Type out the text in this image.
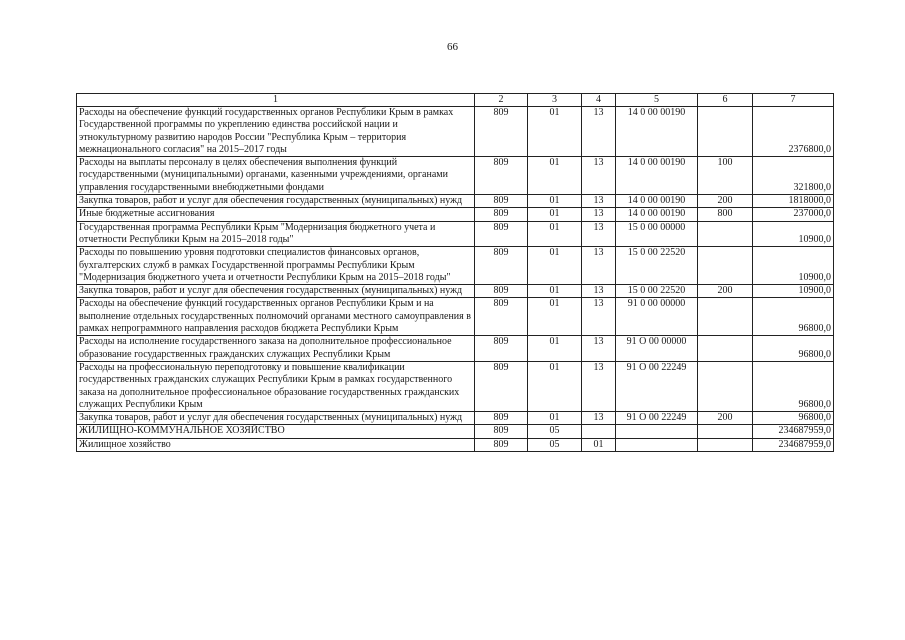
66
1	2	3	4	5	6	7
Расходы на обеспечение функций государственных органов Республики Крым в рамках Государственной программы по укреплению единства российской нации и этнокультурному развитию народов России "Республика Крым – территория межнационального согласия" на 2015–2017 годы	809	01	13	14 0 00 00190		2376800,0
Расходы на выплаты персоналу в целях обеспечения выполнения функций государственными (муниципальными) органами, казенными учреждениями, органами управления государственными внебюджетными фондами	809	01	13	14 0 00 00190	100	321800,0
Закупка товаров, работ и услуг для обеспечения государственных (муниципальных) нужд	809	01	13	14 0 00 00190	200	1818000,0
Иные бюджетные ассигнования	809	01	13	14 0 00 00190	800	237000,0
Государственная программа Республики Крым "Модернизация бюджетного учета и отчетности Республики Крым на 2015–2018 годы"	809	01	13	15 0 00 00000		10900,0
Расходы по повышению уровня подготовки специалистов финансовых органов, бухгалтерских служб в рамках Государственной программы Республики Крым "Модернизация бюджетного учета и отчетности Республики Крым на 2015–2018 годы"	809	01	13	15 0 00 22520		10900,0
Закупка товаров, работ и услуг для обеспечения государственных (муниципальных) нужд	809	01	13	15 0 00 22520	200	10900,0
Расходы на обеспечение функций государственных органов Республики Крым и на выполнение отдельных государственных полномочий органами местного самоуправления в рамках непрограммного направления расходов бюджета Республики Крым	809	01	13	91 0 00 00000		96800,0
Расходы на исполнение государственного заказа на дополнительное профессиональное образование государственных гражданских служащих Республики Крым	809	01	13	91 О 00 00000		96800,0
Расходы на профессиональную переподготовку и повышение квалификации государственных гражданских служащих Республики Крым в рамках государственного заказа на дополнительное профессиональное образование государственных гражданских служащих Республики Крым	809	01	13	91 О 00 22249		96800,0
Закупка товаров, работ и услуг для обеспечения государственных (муниципальных) нужд	809	01	13	91 О 00 22249	200	96800,0
ЖИЛИЩНО-КОММУНАЛЬНОЕ ХОЗЯЙСТВО	809	05				234687959,0
Жилищное хозяйство	809	05	01			234687959,0
